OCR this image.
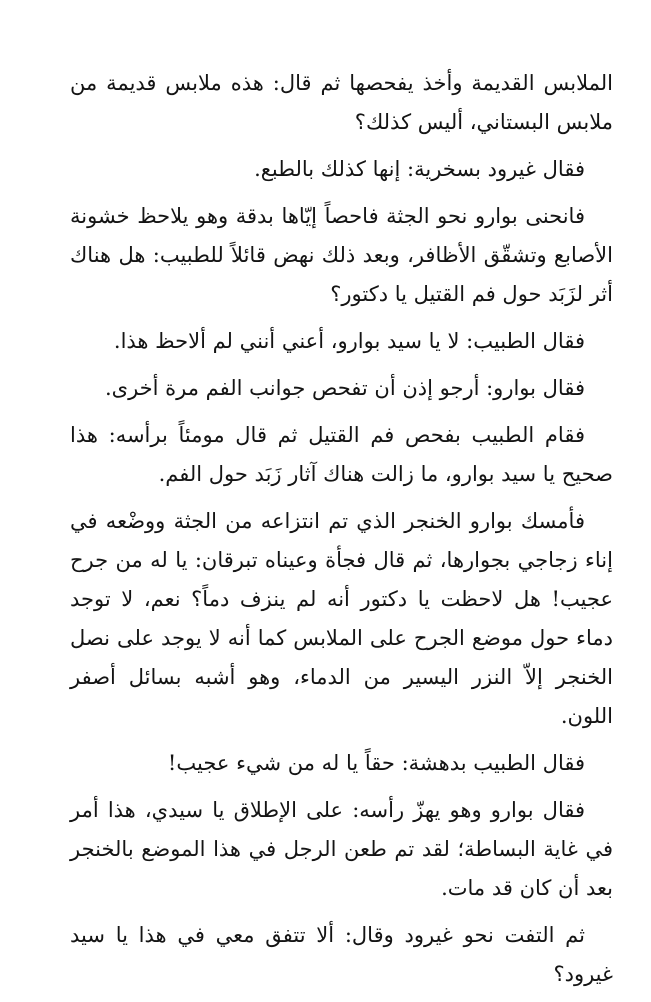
الملابس القديمة وأخذ يفحصها ثم قال: هذه ملابس قديمة من ملابس البستاني، أليس كذلك؟

فقال غيرود بسخرية: إنها كذلك بالطبع.

فانحنى بوارو نحو الجثة فاحصاً إيّاها بدقة وهو يلاحظ خشونة الأصابع وتشقّق الأظافر، وبعد ذلك نهض قائلاً للطبيب: هل هناك أثر لزَبَد حول فم القتيل يا دكتور؟

فقال الطبيب: لا يا سيد بوارو، أعني أنني لم ألاحظ هذا.

فقال بوارو: أرجو إذن أن تفحص جوانب الفم مرة أخرى.

فقام الطبيب بفحص فم القتيل ثم قال مومئاً برأسه: هذا صحيح يا سيد بوارو، ما زالت هناك آثار زَبَد حول الفم.

فأمسك بوارو الخنجر الذي تم انتزاعه من الجثة ووضْعه في إناء زجاجي بجوارها، ثم قال فجأة وعيناه تبرقان: يا له من جرح عجيب! هل لاحظت يا دكتور أنه لم ينزف دماً؟ نعم، لا توجد دماء حول موضع الجرح على الملابس كما أنه لا يوجد على نصل الخنجر إلاّ النزر اليسير من الدماء، وهو أشبه بسائل أصفر اللون.

فقال الطبيب بدهشة: حقاً يا له من شيء عجيب!

فقال بوارو وهو يهزّ رأسه: على الإطلاق يا سيدي، هذا أمر في غاية البساطة؛ لقد تم طعن الرجل في هذا الموضع بالخنجر بعد أن كان قد مات.

ثم التفت نحو غيرود وقال: ألا تتفق معي في هذا يا سيد غيرود؟
